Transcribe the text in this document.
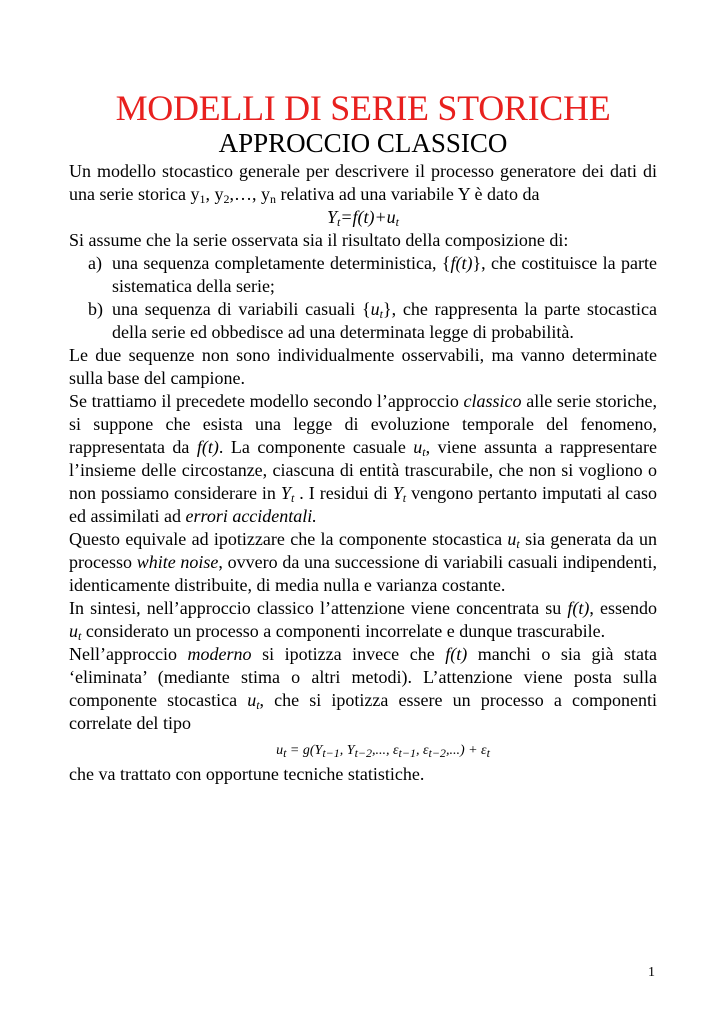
MODELLI DI SERIE STORICHE
APPROCCIO CLASSICO

Un modello stocastico generale per descrivere il processo generatore dei dati di una serie storica $y_1$, $y_2,\dots$, $y_n$ relativa ad una variabile Y è dato da

$Y_t=f(t)+u_t$

Si assume che la serie osservata sia il risultato della composizione di:

a) una sequenza completamente deterministica, {f(t)}, che costituisce la parte sistematica della serie;
b) una sequenza di variabili casuali $\{u_t\}$, che rappresenta la parte stocastica della serie ed obbedisce ad una determinata legge di probabilità.

Le due sequenze non sono individualmente osservabili, ma vanno determinate sulla base del campione.

Se trattiamo il precedete modello secondo l’approccio classico alle serie storiche, si suppone che esista una legge di evoluzione temporale del fenomeno, rappresentata da f(t). La componente casuale $u_t$, viene assunta a rappresentare l’insieme delle circostanze, ciascuna di entità trascurabile, che non si vogliono o non possiamo considerare in $Y_t$ . I residui di $Y_t$ vengono pertanto imputati al caso ed assimilati ad errori accidentali.

Questo equivale ad ipotizzare che la componente stocastica $u_t$ sia generata da un processo white noise, ovvero da una successione di variabili casuali indipendenti, identicamente distribuite, di media nulla e varianza costante.

In sintesi, nell’approccio classico l’attenzione viene concentrata su f(t), essendo $u_t$ considerato un processo a componenti incorrelate e dunque trascurabile.

Nell’approccio moderno si ipotizza invece che f(t) manchi o sia già stata ‘eliminata’ (mediante stima o altri metodi). L’attenzione viene posta sulla componente stocastica $u_t$, che si ipotizza essere un processo a componenti correlate del tipo

$u_t = g(Y_{t-1}$, $Y_{t-2}$,..., $\varepsilon_{t-1}$, $\varepsilon_{t-2},...) + \varepsilon_t$

che va trattato con opportune tecniche statistiche.

1
